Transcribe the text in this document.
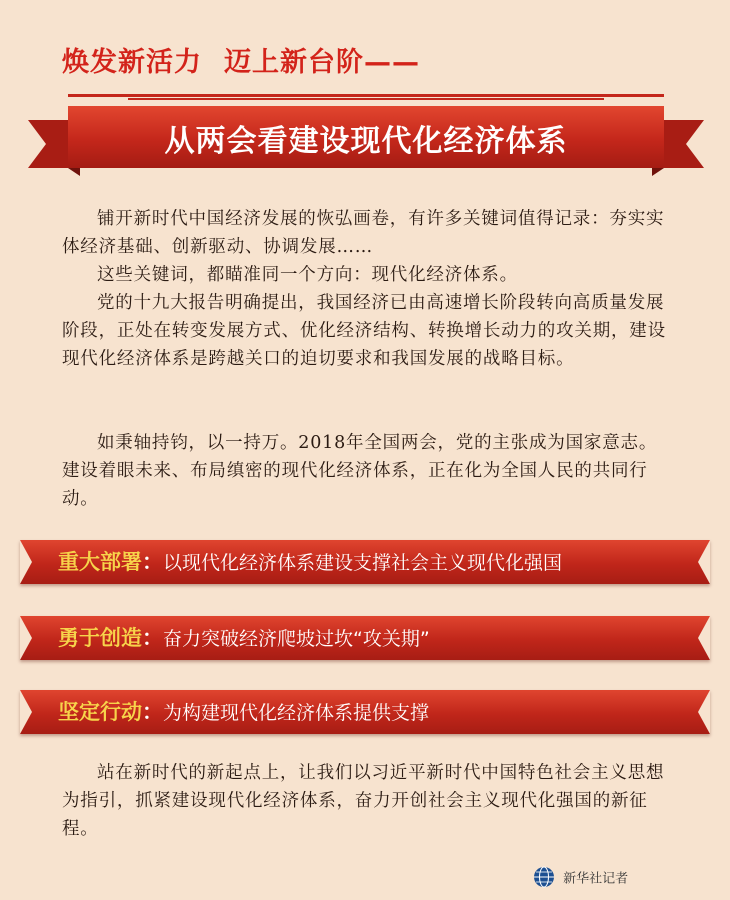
焕发新活力 迈上新台阶——
从两会看建设现代化经济体系

铺开新时代中国经济发展的恢弘画卷，有许多关键词值得记录：夯实实体经济基础、创新驱动、协调发展……

这些关键词，都瞄准同一个方向：现代化经济体系。

党的十九大报告明确提出，我国经济已由高速增长阶段转向高质量发展阶段，正处在转变发展方式、优化经济结构、转换增长动力的攻关期，建设现代化经济体系是跨越关口的迫切要求和我国发展的战略目标。

如秉轴持钧，以一持万。2018年全国两会，党的主张成为国家意志。建设着眼未来、布局缜密的现代化经济体系，正在化为全国人民的共同行动。

重大部署：以现代化经济体系建设支撑社会主义现代化强国
勇于创造：奋力突破经济爬坡过坎“攻关期”
坚定行动：为构建现代化经济体系提供支撑

站在新时代的新起点上，让我们以习近平新时代中国特色社会主义思想为指引，抓紧建设现代化经济体系，奋力开创社会主义现代化强国的新征程。

新华社记者
